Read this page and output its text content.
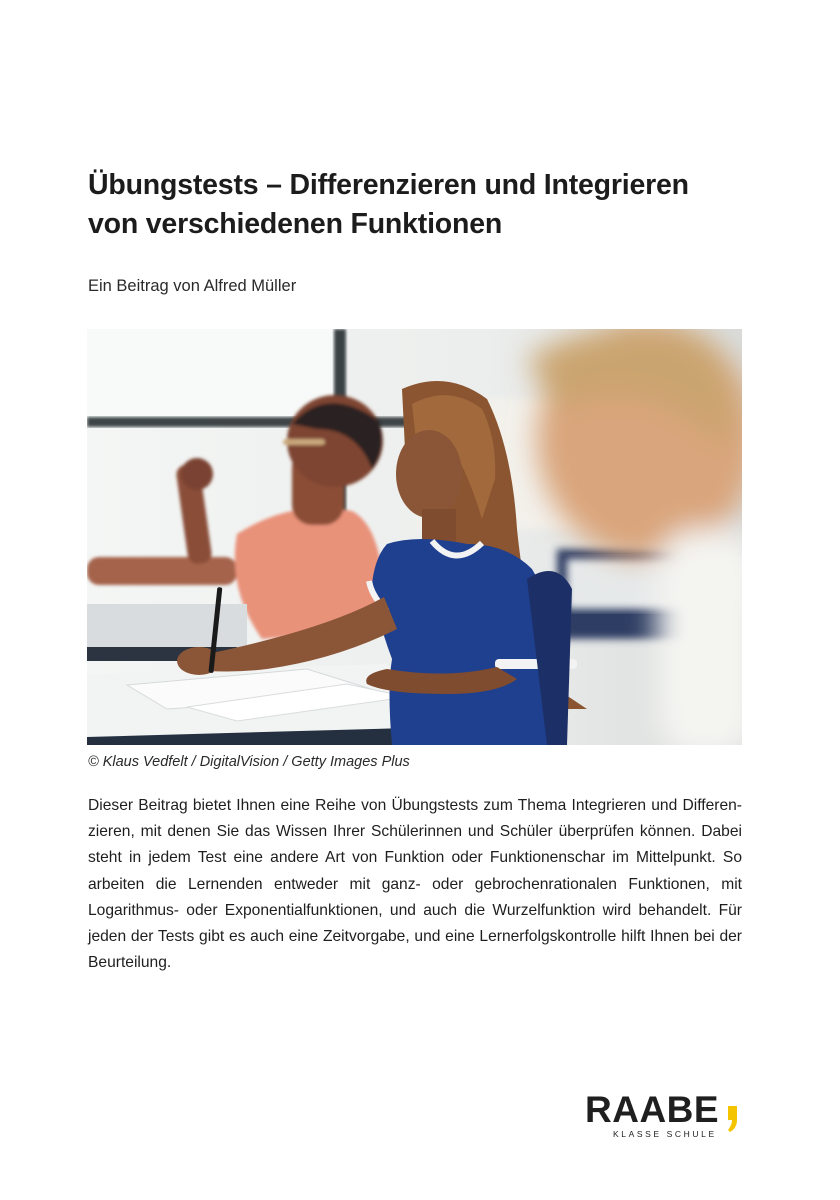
Übungstests – Differenzieren und Integrieren
von verschiedenen Funktionen
Ein Beitrag von Alfred Müller
© Klaus Vedfelt / DigitalVision / Getty Images Plus

Dieser Beitrag bietet Ihnen eine Reihe von Übungstests zum Thema Integrieren und Differenzieren, mit denen Sie das Wissen Ihrer Schülerinnen und Schüler überprüfen können. Dabei steht in jedem Test eine andere Art von Funktion oder Funktionenschar im Mittelpunkt. So arbeiten die Lernenden entweder mit ganz- oder gebrochenrationalen Funktionen, mit Logarithmus- oder Exponentialfunktionen, und auch die Wurzelfunktion wird behandelt. Für jeden der Tests gibt es auch eine Zeitvorgabe, und eine Lernerfolgskontrolle hilft Ihnen bei der Beurteilung.

RAABE
KLASSE SCHULE
